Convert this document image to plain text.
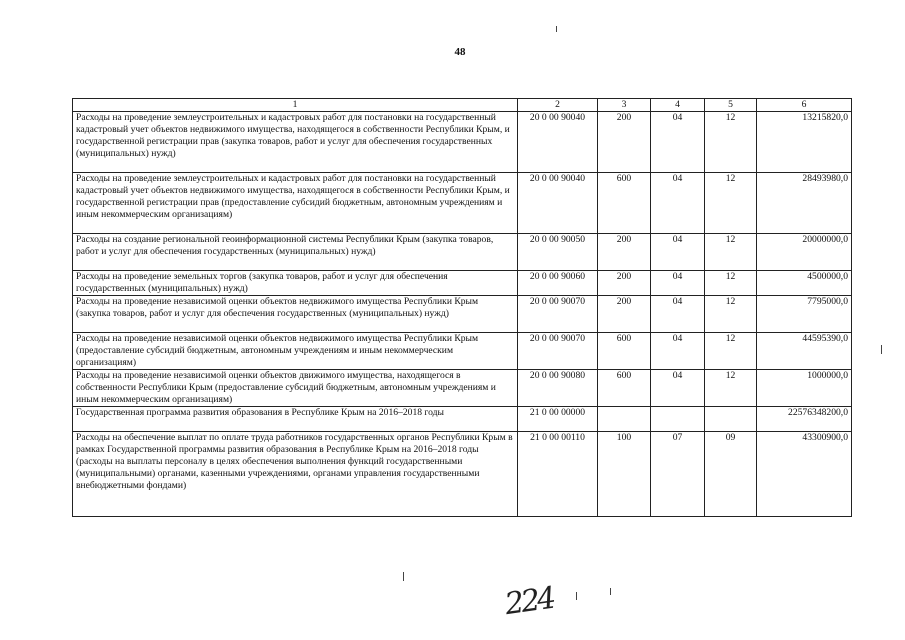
48
1	2	3	4	5	6
Расходы на проведение землеустроительных и кадастровых работ для постановки на государственный кадастровый учет объектов недвижимого имущества, находящегося в собственности Республики Крым, и государственной регистрации прав (закупка товаров, работ и услуг для обеспечения государственных (муниципальных) нужд)	20 0 00 90040	200	04	12	13215820,0
Расходы на проведение землеустроительных и кадастровых работ для постановки на государственный кадастровый учет объектов недвижимого имущества, находящегося в собственности Республики Крым, и государственной регистрации прав (предоставление субсидий бюджетным, автономным учреждениям и иным некоммерческим организациям)	20 0 00 90040	600	04	12	28493980,0
Расходы на создание региональной геоинформационной системы Республики Крым (закупка товаров, работ и услуг для обеспечения государственных (муниципальных) нужд)	20 0 00 90050	200	04	12	20000000,0
Расходы на проведение земельных торгов (закупка товаров, работ и услуг для обеспечения государственных (муниципальных) нужд)	20 0 00 90060	200	04	12	4500000,0
Расходы на проведение независимой оценки объектов недвижимого имущества Республики Крым (закупка товаров, работ и услуг для обеспечения государственных (муниципальных) нужд)	20 0 00 90070	200	04	12	7795000,0
Расходы на проведение независимой оценки объектов недвижимого имущества Республики Крым (предоставление субсидий бюджетным, автономным учреждениям и иным некоммерческим организациям)	20 0 00 90070	600	04	12	44595390,0
Расходы на проведение независимой оценки объектов движимого имущества, находящегося в собственности Республики Крым (предоставление субсидий бюджетным, автономным учреждениям и иным некоммерческим организациям)	20 0 00 90080	600	04	12	1000000,0
Государственная программа развития образования в Республике Крым на 2016–2018 годы	21 0 00 00000				22576348200,0
Расходы на обеспечение выплат по оплате труда работников государственных органов Республики Крым в рамках Государственной программы развития образования в Республике Крым на 2016–2018 годы (расходы на выплаты персоналу в целях обеспечения выполнения функций государственными (муниципальными) органами, казенными учреждениями, органами управления государственными внебюджетными фондами)	21 0 00 00110	100	07	09	43300900,0
224
